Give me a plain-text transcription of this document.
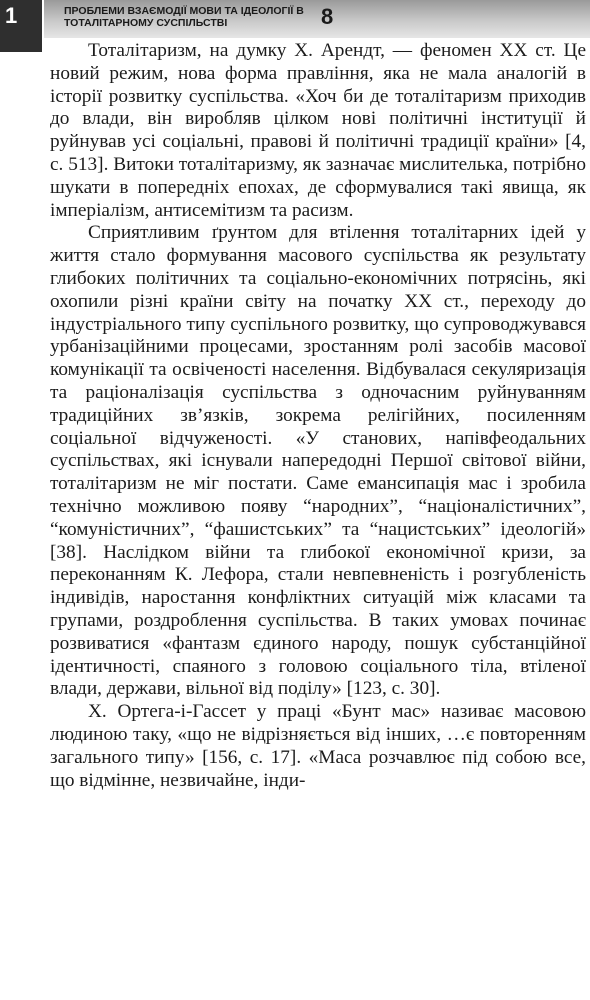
1	ПРОБЛЕМИ ВЗАЄМОДІЇ МОВИ ТА ІДЕОЛОГІЇ В ТОТАЛІТАРНОМУ СУСПІЛЬСТВІ	8

Тоталітаризм, на думку Х. Арендт, — феномен ХХ ст. Це новий режим, нова форма правління, яка не мала аналогій в історії розвитку суспільства. «Хоч би де тоталітаризм приходив до влади, він виробляв цілком нові політичні інституції й руйнував усі соціальні, правові й політичні традиції країни» [4, с. 513]. Витоки тоталітаризму, як зазначає мислителька, потрібно шукати в попередніх епохах, де сформувалися такі явища, як імперіалізм, антисемітизм та расизм.

Сприятливим ґрунтом для втілення тоталітарних ідей у життя стало формування масового суспільства як результату глибоких політичних та соціально-економічних потрясінь, які охопили різні країни світу на початку ХХ ст., переходу до індустріального типу суспільного розвитку, що супроводжувався урбанізаційними процесами, зростанням ролі засобів масової комунікації та освіченості населення. Відбувалася секуляризація та раціоналізація суспільства з одночасним руйнуванням традиційних зв’язків, зокрема релігійних, посиленням соціальної відчуженості. «У станових, напівфеодальних суспільствах, які існували напередодні Першої світової війни, тоталітаризм не міг постати. Саме емансипація мас і зробила технічно можливою появу “народних”, “націоналістичних”, “комуністичних”, “фашистських” та “нацистських” ідеологій» [38]. Наслідком війни та глибокої економічної кризи, за переконанням К. Лефора, стали невпевненість і розгубленість індивідів, наростання конфліктних ситуацій між класами та групами, роздроблення суспільства. В таких умовах починає розвиватися «фантазм єдиного народу, пошук субстанційної ідентичності, спаяного з головою соціального тіла, втіленої влади, держави, вільної від поділу» [123, с. 30].

Х. Ортега-і-Гассет у праці «Бунт мас» називає масовою людиною таку, «що не відрізняється від інших, …є повторенням загального типу» [156, с. 17]. «Маса розчавлює під собою все, що відмінне, незвичайне, інди-
